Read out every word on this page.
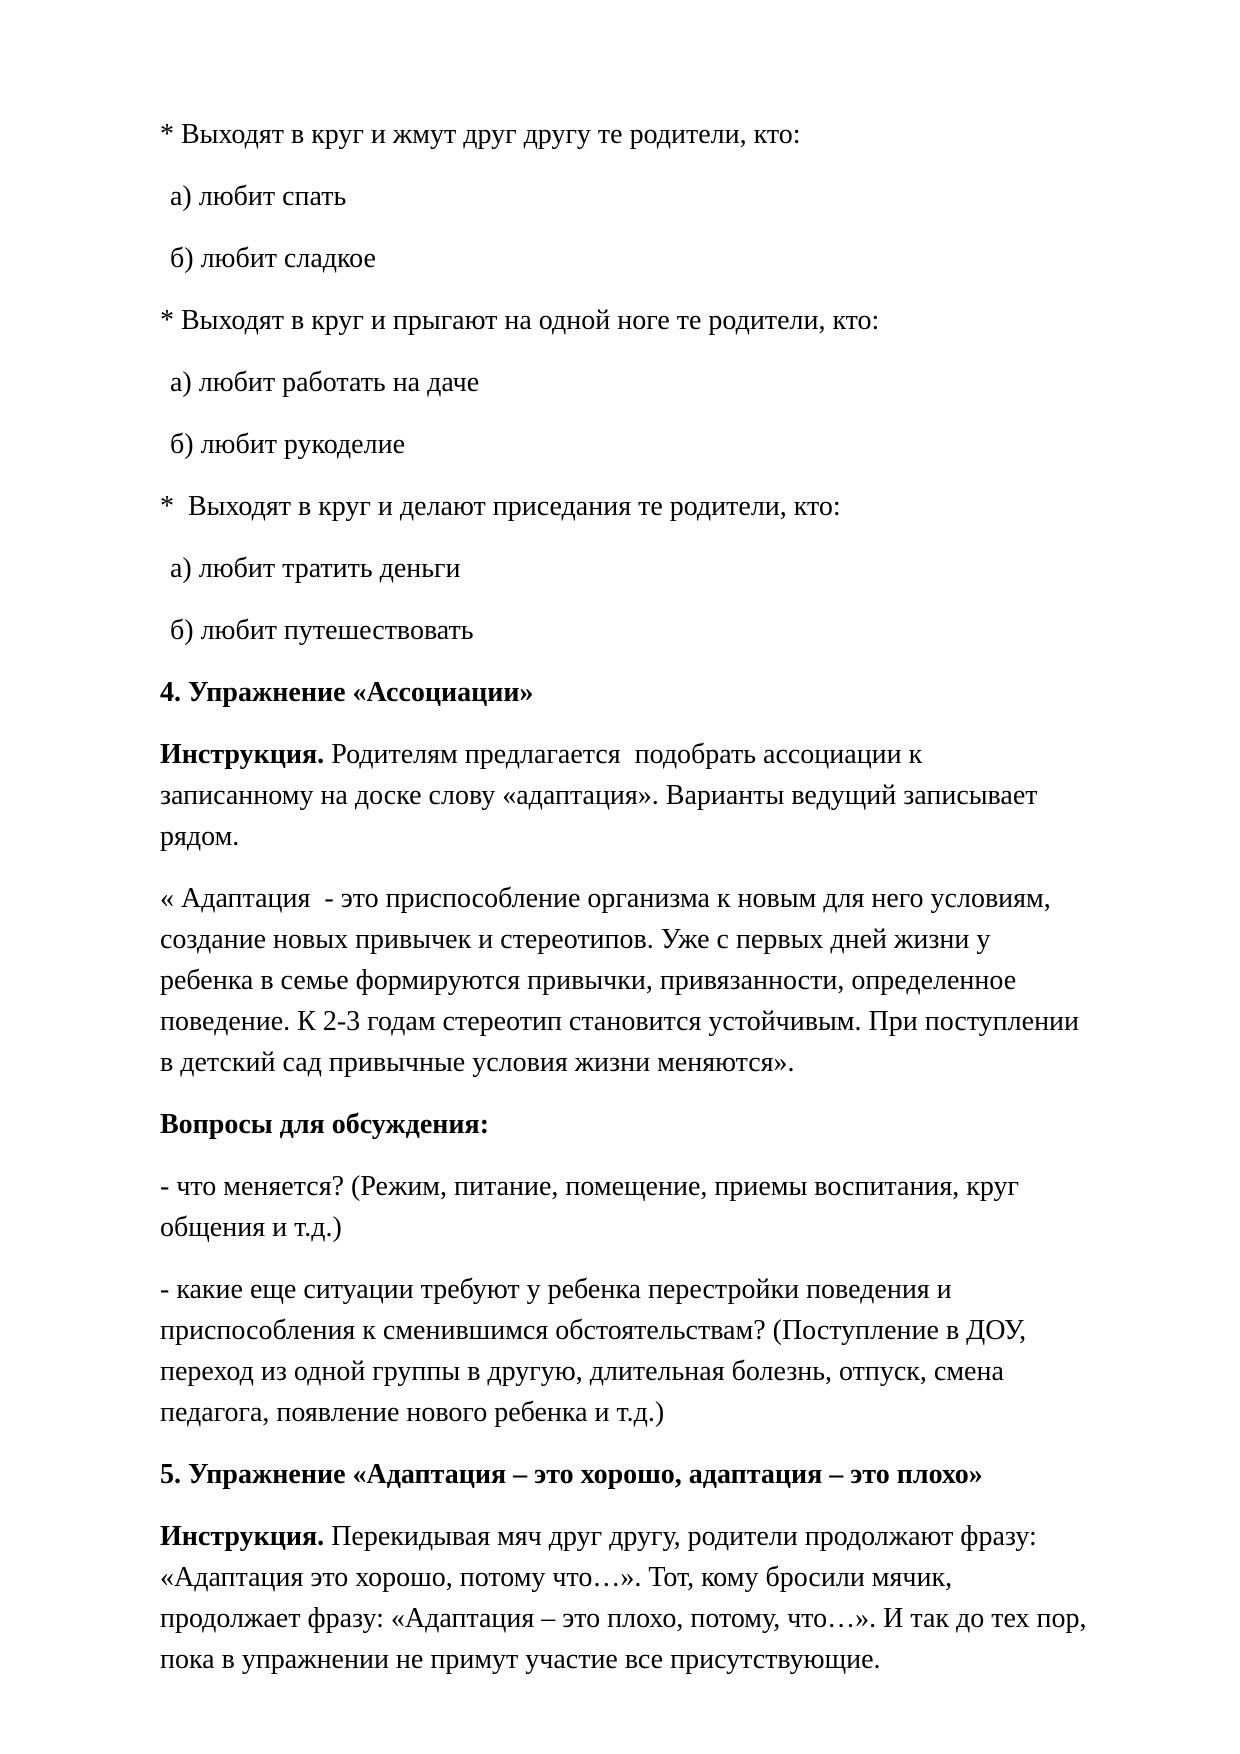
* Выходят в круг и жмут друг другу те родители, кто:

а) любит спать

б) любит сладкое

* Выходят в круг и прыгают на одной ноге те родители, кто:

а) любит работать на даче

б) любит рукоделие

*  Выходят в круг и делают приседания те родители, кто:

а) любит тратить деньги

б) любит путешествовать

4. Упражнение «Ассоциации»

Инструкция. Родителям предлагается  подобрать ассоциации к  записанному на доске слову «адаптация». Варианты ведущий записывает  рядом.

« Адаптация  - это приспособление организма к новым для него условиям, создание новых привычек и стереотипов. Уже с первых дней жизни у ребенка в семье формируются привычки, привязанности, определенное поведение. К 2-3 годам стереотип становится устойчивым. При поступлении в детский сад привычные условия жизни меняются».

Вопросы для обсуждения:

- что меняется? (Режим, питание, помещение, приемы воспитания, круг общения и т.д.)

- какие еще ситуации требуют у ребенка перестройки поведения и приспособления к сменившимся обстоятельствам? (Поступление в ДОУ, переход из одной группы в другую, длительная болезнь, отпуск, смена педагога, появление нового ребенка и т.д.)

5. Упражнение «Адаптация – это хорошо, адаптация – это плохо»

Инструкция. Перекидывая мяч друг другу, родители продолжают фразу: «Адаптация это хорошо, потому что…». Тот, кому бросили мячик, продолжает фразу: «Адаптация – это плохо, потому, что…». И так до тех пор, пока в упражнении не примут участие все присутствующие.
